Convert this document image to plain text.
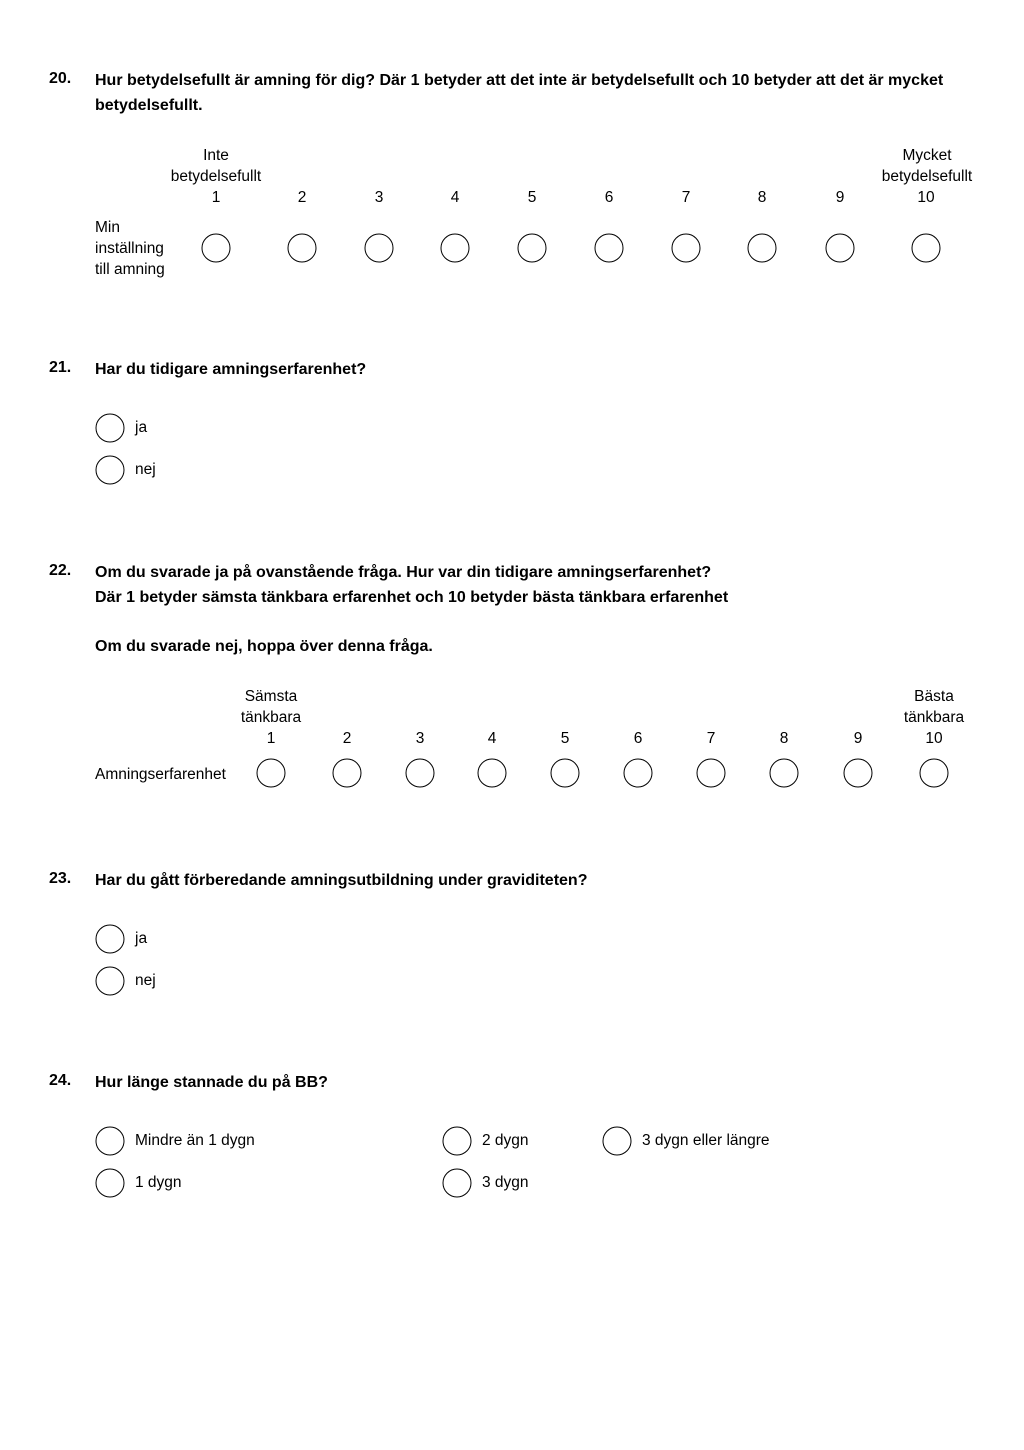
20. Hur betydelsefullt är amning för dig? Där 1 betyder att det inte är betydelsefullt och 10 betyder att det är mycket betydelsefullt.
Inte
betydelsefullt
Mycket
betydelsefullt
1	2	3	4	5	6	7	8	9	10
Min
inställning
till amning
21. Har du tidigare amningserfarenhet?
ja
nej
22. Om du svarade ja på ovanstående fråga. Hur var din tidigare amningserfarenhet?
Där 1 betyder sämsta tänkbara erfarenhet och 10 betyder bästa tänkbara erfarenhet
Om du svarade nej, hoppa över denna fråga.
Sämsta
tänkbara
Bästa
tänkbara
1	2	3	4	5	6	7	8	9	10
Amningserfarenhet
23. Har du gått förberedande amningsutbildning under graviditeten?
ja
nej
24. Hur länge stannade du på BB?
Mindre än 1 dygn
1 dygn
2 dygn
3 dygn
3 dygn eller längre
